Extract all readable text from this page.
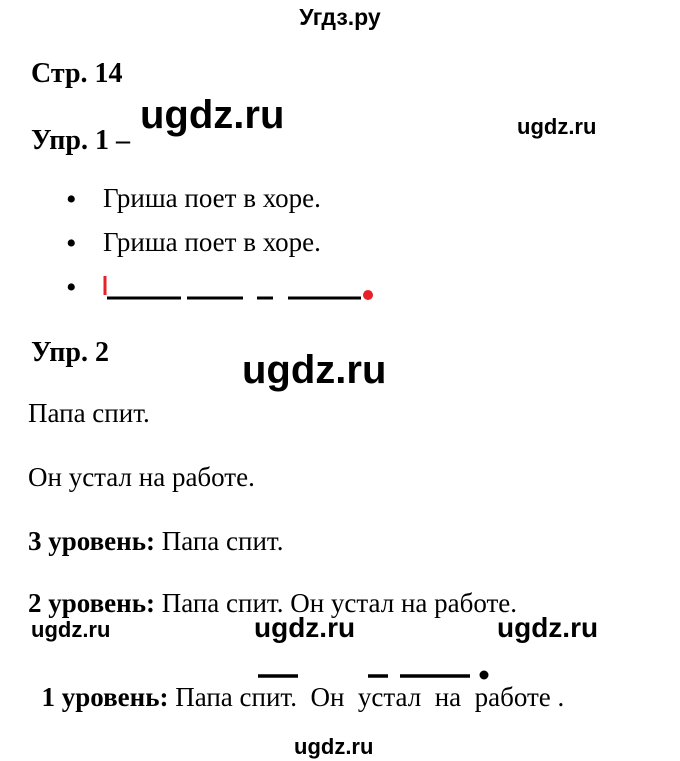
Угдз.ру
ugdz.ru	ugdz.ru
ugdz.ru
ugdz.ru	ugdz.ru	ugdz.ru
ugdz.ru
Стр. 14
Упр. 1 –
• Гриша поет в хоре.
• Гриша поет в хоре.
•
Упр. 2
Папа спит.
Он устал на работе.
3 уровень: Папа спит.
2 уровень: Папа спит. Он устал на работе.

1 уровень: Папа спит.  Он  устал  на  работе .
